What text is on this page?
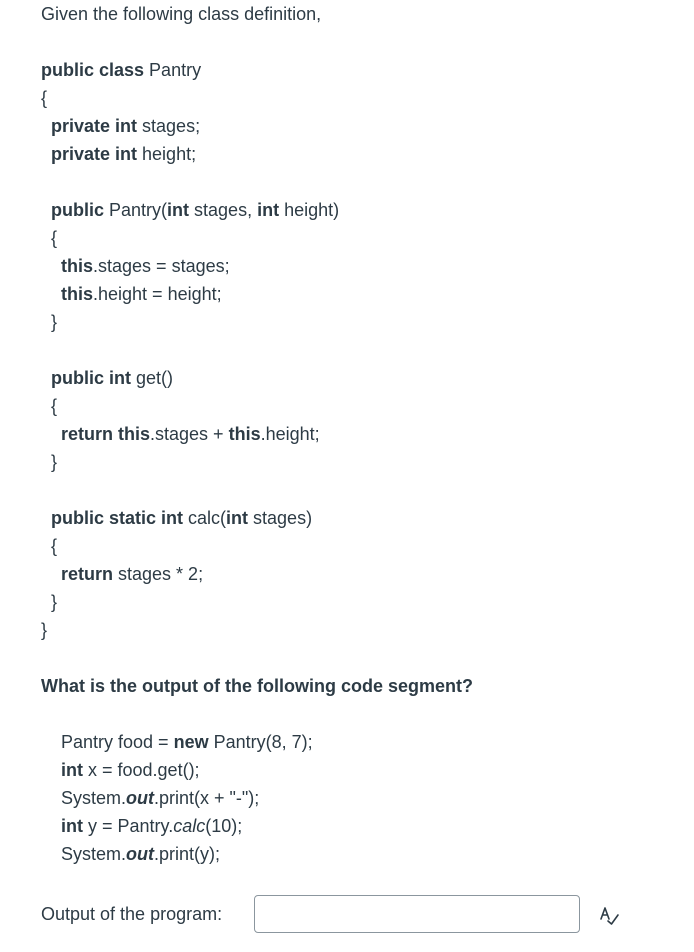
Given the following class definition,
public class Pantry
{
private int stages;
private int height;
public Pantry(int stages, int height)
{
this.stages = stages;
this.height = height;
}
public int get()
{
return this.stages + this.height;
}
public static int calc(int stages)
{
return stages * 2;
}
}
What is the output of the following code segment?
Pantry food = new Pantry(8, 7);
int x = food.get();
System.out.print(x + "-");
int y = Pantry.calc(10);
System.out.print(y);
Output of the program:
